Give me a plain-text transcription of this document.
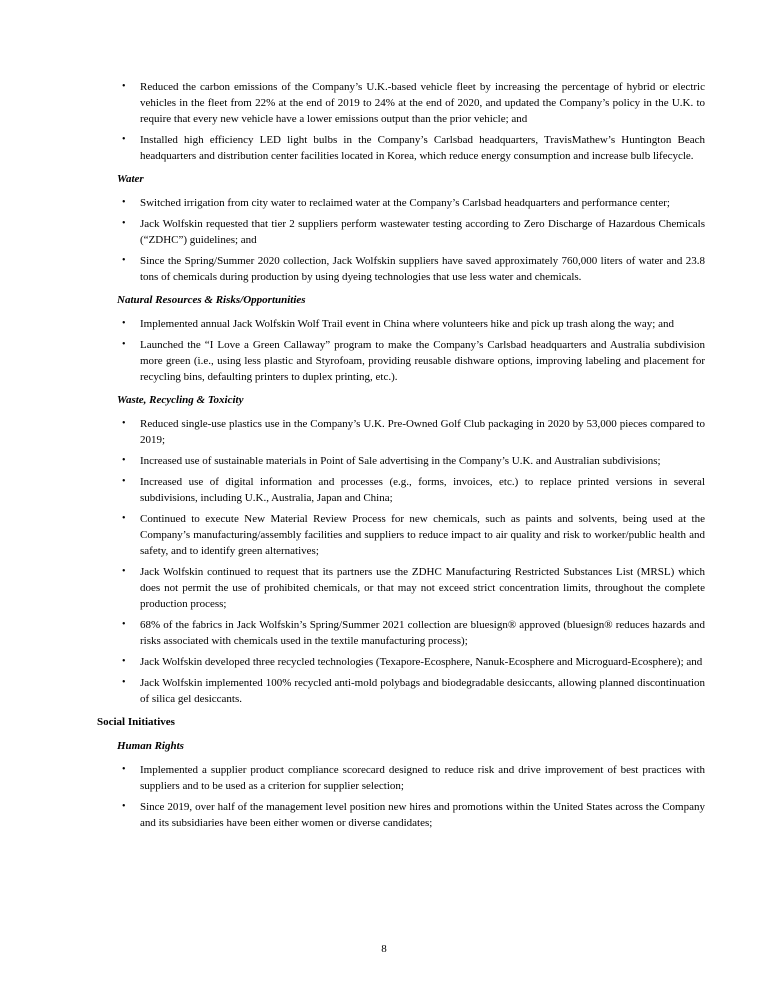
•	Reduced the carbon emissions of the Company’s U.K.-based vehicle fleet by increasing the percentage of hybrid or electric vehicles in the fleet from 22% at the end of 2019 to 24% at the end of 2020, and updated the Company’s policy in the U.K. to require that every new vehicle have a lower emissions output than the prior vehicle; and

•	Installed high efficiency LED light bulbs in the Company’s Carlsbad headquarters, TravisMathew’s Huntington Beach headquarters and distribution center facilities located in Korea, which reduce energy consumption and increase bulb lifecycle.

Water
•	Switched irrigation from city water to reclaimed water at the Company’s Carlsbad headquarters and performance center;

•	Jack Wolfskin requested that tier 2 suppliers perform wastewater testing according to Zero Discharge of Hazardous Chemicals (“ZDHC”) guidelines; and

•	Since the Spring/Summer 2020 collection, Jack Wolfskin suppliers have saved approximately 760,000 liters of water and 23.8 tons of chemicals during production by using dyeing technologies that use less water and chemicals.

Natural Resources & Risks/Opportunities
•	Implemented annual Jack Wolfskin Wolf Trail event in China where volunteers hike and pick up trash along the way; and

•	Launched the “I Love a Green Callaway” program to make the Company’s Carlsbad headquarters and Australia subdivision more green (i.e., using less plastic and Styrofoam, providing reusable dishware options, improving labeling and placement for recycling bins, defaulting printers to duplex printing, etc.).

Waste, Recycling & Toxicity
•	Reduced single-use plastics use in the Company’s U.K. Pre-Owned Golf Club packaging in 2020 by 53,000 pieces compared to 2019;

•	Increased use of sustainable materials in Point of Sale advertising in the Company’s U.K. and Australian subdivisions;

•	Increased use of digital information and processes (e.g., forms, invoices, etc.) to replace printed versions in several subdivisions, including U.K., Australia, Japan and China;

•	Continued to execute New Material Review Process for new chemicals, such as paints and solvents, being used at the Company’s manufacturing/assembly facilities and suppliers to reduce impact to air quality and risk to worker/public health and safety, and to identify green alternatives;

•	Jack Wolfskin continued to request that its partners use the ZDHC Manufacturing Restricted Substances List (MRSL) which does not permit the use of prohibited chemicals, or that may not exceed strict concentration limits, throughout the complete production process;

•	68% of the fabrics in Jack Wolfskin’s Spring/Summer 2021 collection are bluesign® approved (bluesign® reduces hazards and risks associated with chemicals used in the textile manufacturing process);

•	Jack Wolfskin developed three recycled technologies (Texapore-Ecosphere, Nanuk-Ecosphere and Microguard-Ecosphere); and

•	Jack Wolfskin implemented 100% recycled anti-mold polybags and biodegradable desiccants, allowing planned discontinuation of silica gel desiccants.

Social Initiatives
Human Rights
•	Implemented a supplier product compliance scorecard designed to reduce risk and drive improvement of best practices with suppliers and to be used as a criterion for supplier selection;

•	Since 2019, over half of the management level position new hires and promotions within the United States across the Company and its subsidiaries have been either women or diverse candidates;

8
